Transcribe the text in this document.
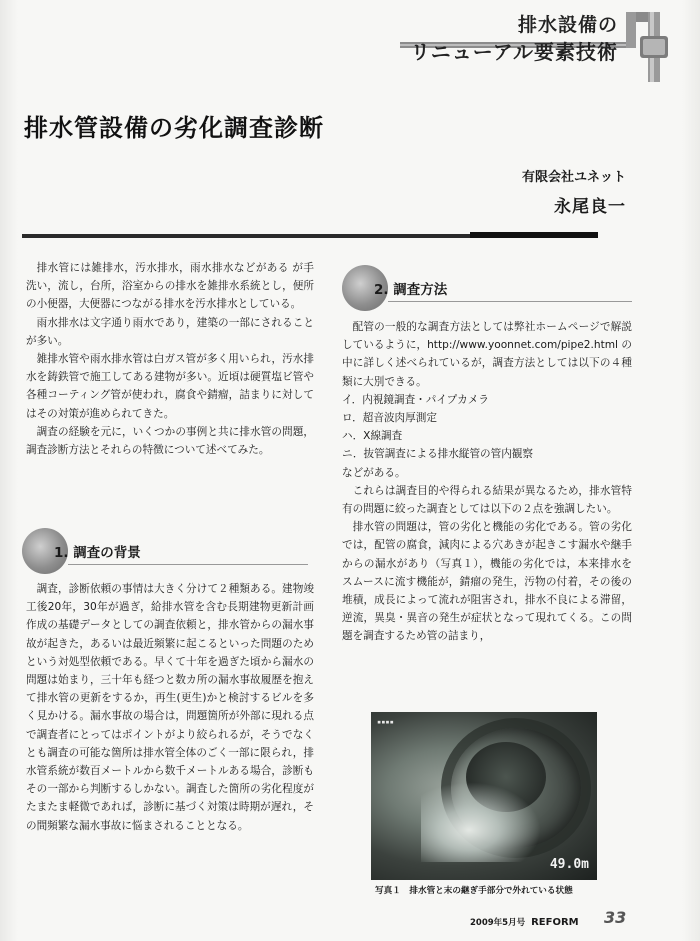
排水設備の
リニューアル要素技術
排水管設備の劣化調査診断
有限会社ユネット
永尾良一

排水管には雑排水，汚水排水，雨水排水などがある が手洗い，流し，台所，浴室からの排水を雑排水系統とし，便所の小便器，大便器につながる排水を汚水排水としている。

雨水排水は文字通り雨水であり，建築の一部にされることが多い。

雑排水管や雨水排水管は白ガス管が多く用いられ，汚水排水を鋳鉄管で施工してある建物が多い。近頃は硬質塩ビ管や各種コーティング管が使われ，腐食や錆瘤，詰まりに対してはその対策が進められてきた。

調査の経験を元に，いくつかの事例と共に排水管の問題，調査診断方法とそれらの特徴について述べてみた。

1. 調査の背景

調査，診断依頼の事情は大きく分けて２種類ある。建物竣工後20年，30年が過ぎ，給排水管を含む長期建物更新計画作成の基礎データとしての調査依頼と，排水管からの漏水事故が起きた，あるいは最近頻繁に起こるといった問題のためという対処型依頼である。早くて十年を過ぎた頃から漏水の問題は始まり，三十年も経つと数カ所の漏水事故履歴を抱えて排水管の更新をするか，再生(更生)かと検討するビルを多く見かける。漏水事故の場合は，問題箇所が外部に現れる点で調査者にとってはポイントがより絞られるが，そうでなくとも調査の可能な箇所は排水管全体のごく一部に限られ，排水管系統が数百メートルから数千メートルある場合，診断もその一部から判断するしかない。調査した箇所の劣化程度がたまたま軽微であれば，診断に基づく対策は時期が遅れ，その間頻繁な漏水事故に悩まされることとなる。

2. 調査方法

配管の一般的な調査方法としては弊社ホームページで解説しているように，http://www.yoonnet.com/pipe2.html の中に詳しく述べられているが，調査方法としては以下の４種類に大別できる。

イ．内視鏡調査・パイプカメラ

ロ．超音波肉厚測定

ハ．X線調査

ニ．抜管調査による排水縦管の管内観察

などがある。

これらは調査目的や得られる結果が異なるため，排水管特有の問題に絞った調査としては以下の２点を強調したい。

排水管の問題は，管の劣化と機能の劣化である。管の劣化では，配管の腐食，減肉による穴あきが起きこす漏水や継手からの漏水があり（写真１），機能の劣化では，本来排水をスムースに流す機能が，錆瘤の発生，汚物の付着，その後の堆積，成長によって流れが阻害され，排水不良による滞留，逆流，異臭・異音の発生が症状となって現れてくる。この問題を調査するため管の詰まり，

▪▪▪▪
49.0m
写真１　排水管と末の継ぎ手部分で外れている状態
2009年5月号 REFORM 33
